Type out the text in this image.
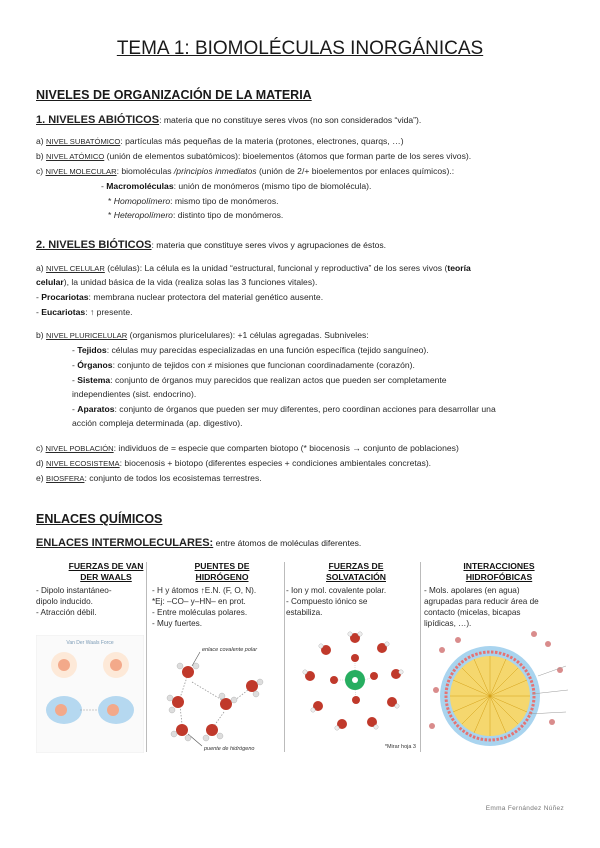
TEMA 1: BIOMOLÉCULAS INORGÁNICAS
NIVELES DE ORGANIZACIÓN DE LA MATERIA
1. NIVELES ABIÓTICOS: materia que no constituye seres vivos (no son considerados “vida”).
a) NIVEL SUBATÓMICO: partículas más pequeñas de la materia (protones, electrones, quarqs, …)
b) NIVEL ATÓMICO (unión de elementos subatómicos): bioelementos (átomos que forman parte de los seres vivos).
c) NIVEL MOLECULAR: biomoléculas /principios inmediatos (unión de 2/+ bioelementos por enlaces químicos).:
- Macromoléculas: unión de monómeros (mismo tipo de biomolécula).
* Homopolímero: mismo tipo de monómeros.
* Heteropolímero: distinto tipo de monómeros.
2. NIVELES BIÓTICOS: materia que constituye seres vivos y agrupaciones de éstos.
a) NIVEL CELULAR (células): La célula es la unidad “estructural, funcional y reproductiva” de los seres vivos (teoría
celular), la unidad básica de la vida (realiza solas las 3 funciones vitales).
- Procariotas: membrana nuclear protectora del material genético ausente.
- Eucariotas: ↑ presente.
b) NIVEL PLURICELULAR (organismos pluricelulares): +1 células agregadas. Subniveles:
- Tejidos: células muy parecidas especializadas en una función específica (tejido sanguíneo).
- Órganos: conjunto de tejidos con ≠ misiones que funcionan coordinadamente (corazón).
- Sistema: conjunto de órganos muy parecidos que realizan actos que pueden ser completamente
independientes (sist. endocrino).
- Aparatos: conjunto de órganos que pueden ser muy diferentes, pero coordinan acciones para desarrollar una
acción compleja determinada (ap. digestivo).
c) NIVEL POBLACIÓN: individuos de = especie que comparten biotopo (* biocenosis → conjunto de poblaciones)
d) NIVEL ECOSISTEMA: biocenosis + biotopo (diferentes especies + condiciones ambientales concretas).
e) BIOSFERA: conjunto de todos los ecosistemas terrestres.
ENLACES QUÍMICOS
ENLACES INTERMOLECULARES: entre átomos de moléculas diferentes.
FUERZAS DE VAN
DER WAALS
- Dipolo instantáneo-
dipolo inducido.
- Atracción débil.
PUENTES DE
HIDRÓGENO
- H y átomos ↑E.N. (F, O, N).
*Ej: –CO– y–HN– en prot.
- Entre moléculas polares.
- Muy fuertes.
FUERZAS DE
SOLVATACIÓN
- Ion y mol. covalente polar.
- Compuesto iónico se
estabiliza.
INTERACCIONES
HIDROFÓBICAS
- Mols. apolares (en agua)
agrupadas para reducir área de
contacto (micelas, bicapas
lipídicas, …).
Van Der Waals Force
enlace covalente polar
puente de hidrógeno	*Mirar hoja 3
Emma Fernández Núñez
